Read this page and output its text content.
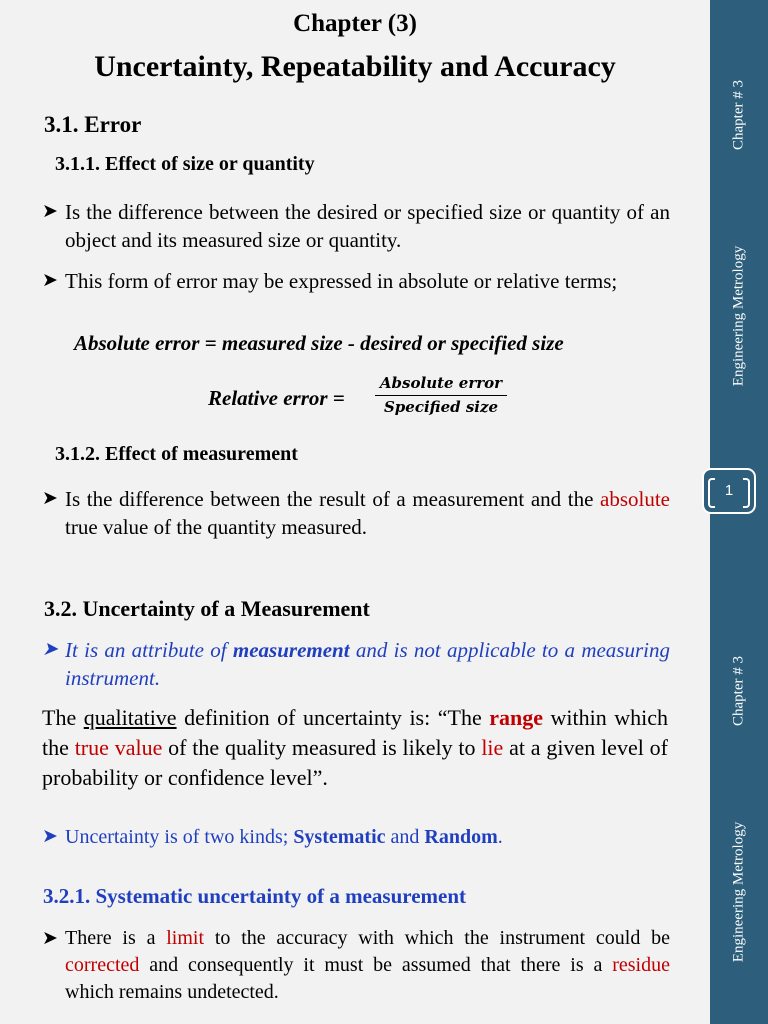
Chapter (3)
Uncertainty, Repeatability and Accuracy
3.1. Error
3.1.1. Effect of size or quantity
➤ Is the difference between the desired or specified size or quantity of an object and its measured size or quantity.
➤ This form of error may be expressed in absolute or relative terms;
Absolute error = measured size - desired or specified size
Relative error =
Absolute error
Specified size
3.1.2. Effect of measurement
➤ Is the difference between the result of a measurement and the absolute true value of the quantity measured.
Chapter # 3
Engineering Metrology
1
3.2. Uncertainty of a Measurement
➤ It is an attribute of measurement and is not applicable to a measuring instrument.
The qualitative definition of uncertainty is: “The range within which the true value of the quality measured is likely to lie at a given level of probability or confidence level”.
➤ Uncertainty is of two kinds; Systematic and Random.
3.2.1. Systematic uncertainty of a measurement
➤ There is a limit to the accuracy with which the instrument could be corrected and consequently it must be assumed that there is a residue which remains undetected.
Chapter # 3
Engineering Metrology
